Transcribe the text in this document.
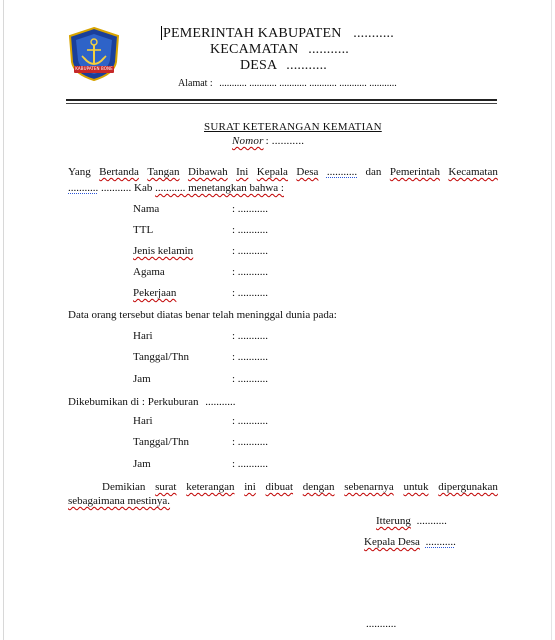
KABUPATEN BONE
PEMERINTAH KABUPATEN ...........
KECAMATAN ...........
DESA ...........
Alamat : ........... ........... ........... ........... ........... ...........
SURAT KETERANGAN KEMATIAN
Nomor : ...........
Yang Bertanda Tangan Dibawah Ini Kepala Desa ........... dan Pemerintah Kecamatan
........... ........... Kab ........... menetangkan bahwa :
Nama	: ...........
TTL	: ...........
Jenis kelamin	: ...........
Agama	: ...........
Pekerjaan	: ...........
Data orang tersebut diatas benar telah meninggal dunia pada:
Hari	: ...........
Tanggal/Thn	: ...........
Jam	: ...........
Dikebumikan di : Perkuburan ...........
Hari	: ...........
Tanggal/Thn	: ...........
Jam	: ...........
Demikian surat keterangan ini dibuat dengan sebenarnya untuk dipergunakan
sebagaimana mestinya.
Itterung ...........
Kepala Desa ...........
...........
